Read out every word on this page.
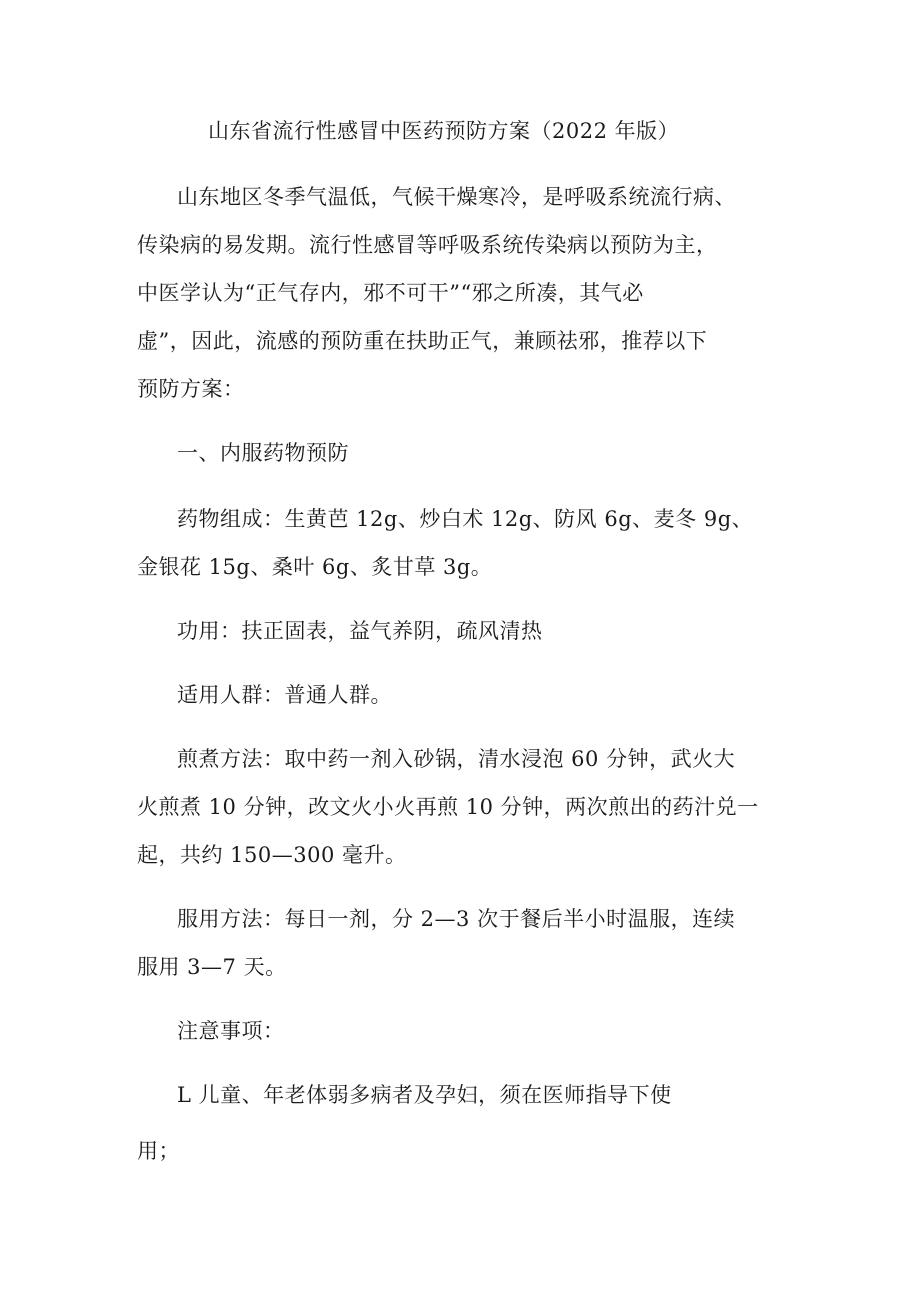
山东省流行性感冒中医药预防方案（2022 年版）
山东地区冬季气温低，气候干燥寒冷，是呼吸系统流行病、
传染病的易发期。流行性感冒等呼吸系统传染病以预防为主，
中医学认为“正气存内，邪不可干”“邪之所凑，其气必
虚”，因此，流感的预防重在扶助正气，兼顾祛邪，推荐以下
预防方案：
一、内服药物预防
药物组成：生黄芭 12g、炒白术 12g、防风 6g、麦冬 9g、
金银花 15g、桑叶 6g、炙甘草 3g。
功用：扶正固表，益气养阴，疏风清热
适用人群：普通人群。
煎煮方法：取中药一剂入砂锅，清水浸泡 60 分钟，武火大
火煎煮 10 分钟，改文火小火再煎 10 分钟，两次煎出的药汁兑一
起，共约 150—300 毫升。
服用方法：每日一剂，分 2—3 次于餐后半小时温服，连续
服用 3—7 天。
注意事项：
L 儿童、年老体弱多病者及孕妇，须在医师指导下使
用；
